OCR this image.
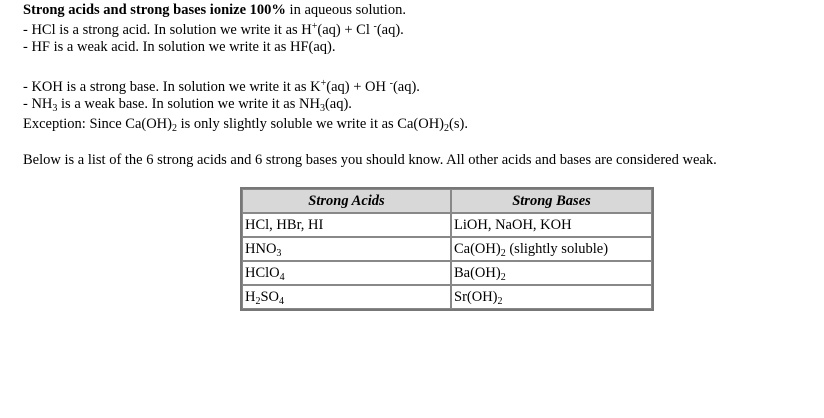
Strong acids and strong bases ionize 100% in aqueous solution.
- HCl is a strong acid. In solution we write it as H+(aq) + Cl -(aq).
- HF is a weak acid. In solution we write it as HF(aq).
- KOH is a strong base. In solution we write it as K+(aq) + OH -(aq).
- $NH_3$ is a weak base. In solution we write it as $NH_3(aq)$.
Exception: Since $Ca(OH)_2$ is only slightly soluble we write it as $Ca(OH)_2(s)$.
Below is a list of the 6 strong acids and 6 strong bases you should know. All other acids and bases are considered weak.
Strong Acids	Strong Bases
HCl, HBr, HI	LiOH, NaOH, KOH
$HNO_3$	$Ca(OH)_2$ (slightly soluble)
HClO$_4$	$Ba(OH)_2$
$H_2SO_4$	$Sr(OH)_2$
